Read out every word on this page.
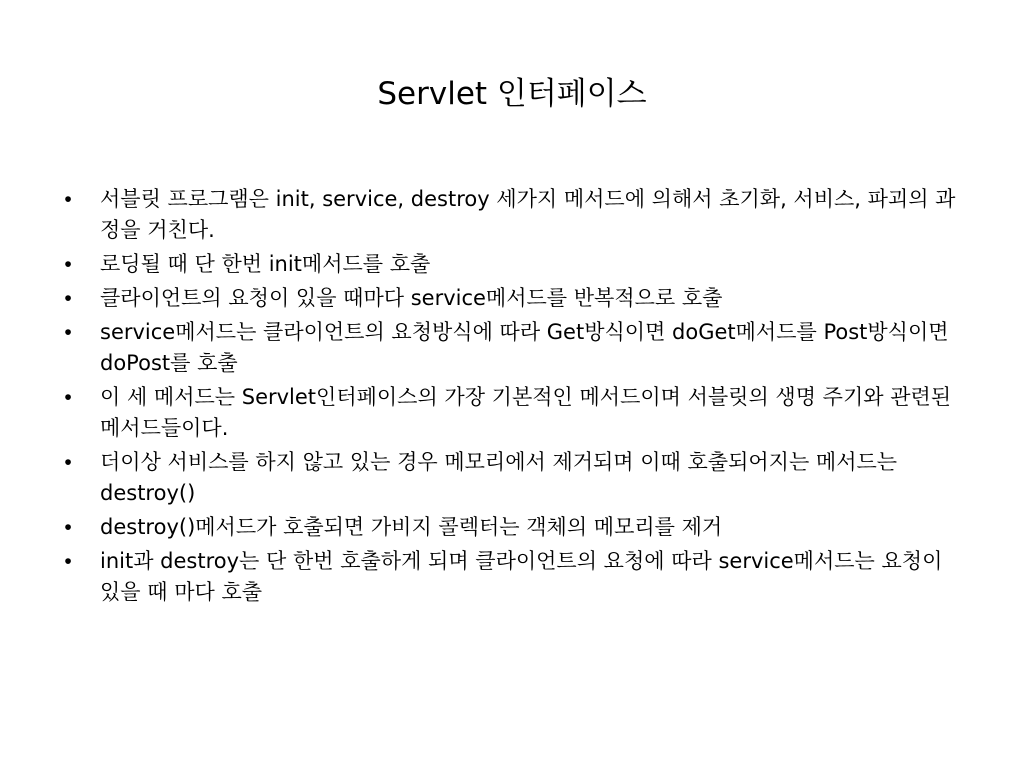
Servlet 인터페이스
•	서블릿 프로그램은 init, service, destroy 세가지 메서드에 의해서 초기화, 서비스, 파괴의 과정을 거친다.
•	로딩될 때 단 한번 init메서드를 호출
•	클라이언트의 요청이 있을 때마다 service메서드를 반복적으로 호출
•	service메서드는 클라이언트의 요청방식에 따라 Get방식이면 doGet메서드를 Post방식이면 doPost를 호출
•	이 세 메서드는 Servlet인터페이스의 가장 기본적인 메서드이며 서블릿의 생명 주기와 관련된 메서드들이다.
•	더이상 서비스를 하지 않고 있는 경우 메모리에서 제거되며 이때 호출되어지는 메서드는 destroy()
•	destroy()메서드가 호출되면 가비지 콜렉터는 객체의 메모리를 제거
•	init과 destroy는 단 한번 호출하게 되며 클라이언트의 요청에 따라 service메서드는 요청이 있을 때 마다 호출
